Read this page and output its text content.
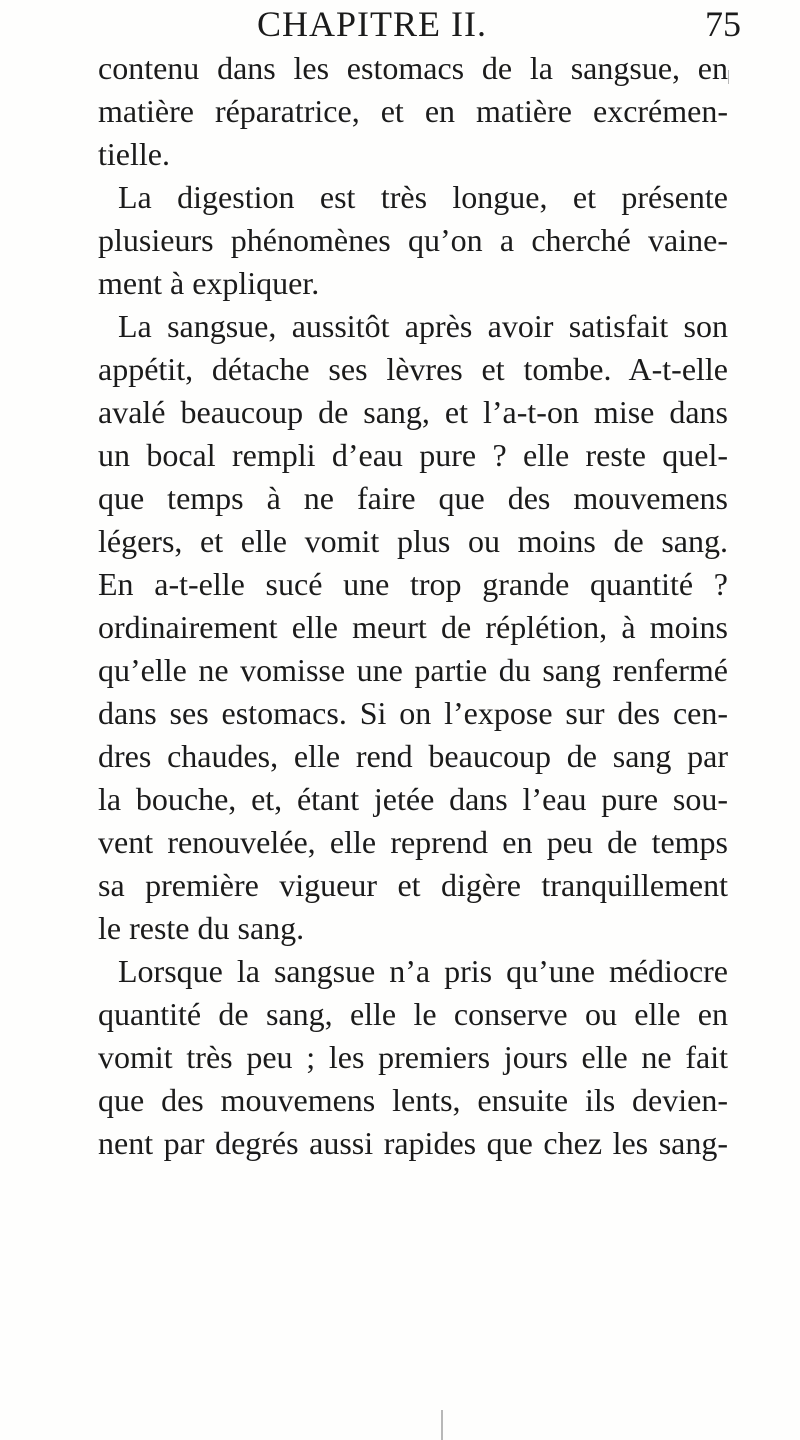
CHAPITRE II.	75
contenu dans les estomacs de la sangsue, en
matière réparatrice, et en matière excrémen-
tielle.
La digestion est très longue, et présente
plusieurs phénomènes qu’on a cherché vaine-
ment à expliquer.
La sangsue, aussitôt après avoir satisfait son
appétit, détache ses lèvres et tombe. A-t-elle
avalé beaucoup de sang, et l’a-t-on mise dans
un bocal rempli d’eau pure ? elle reste quel-
que temps à ne faire que des mouvemens
légers, et elle vomit plus ou moins de sang.
En a-t-elle sucé une trop grande quantité ?
ordinairement elle meurt de réplétion, à moins
qu’elle ne vomisse une partie du sang renfermé
dans ses estomacs. Si on l’expose sur des cen-
dres chaudes, elle rend beaucoup de sang par
la bouche, et, étant jetée dans l’eau pure sou-
vent renouvelée, elle reprend en peu de temps
sa première vigueur et digère tranquillement
le reste du sang.
Lorsque la sangsue n’a pris qu’une médiocre
quantité de sang, elle le conserve ou elle en
vomit très peu ; les premiers jours elle ne fait
que des mouvemens lents, ensuite ils devien-
nent par degrés aussi rapides que chez les sang-
